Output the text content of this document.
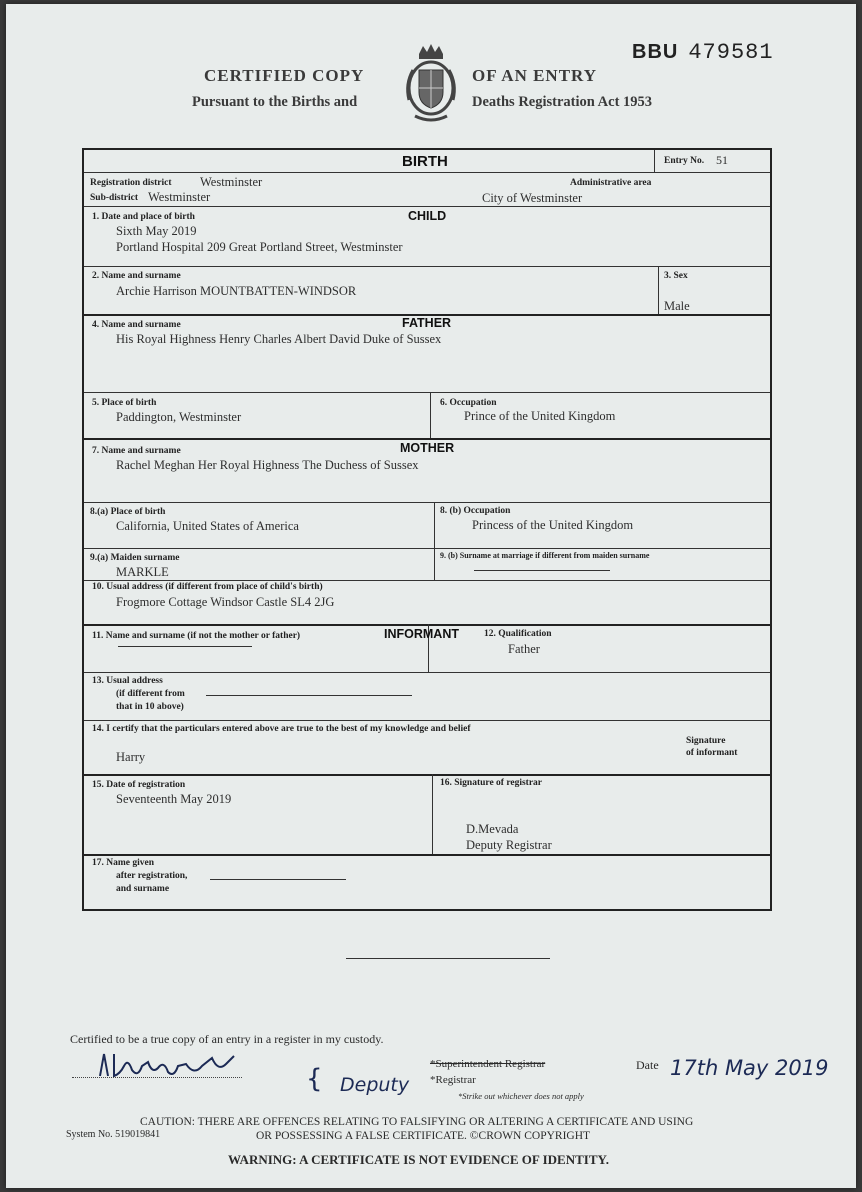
CERTIFIED COPY	OF AN ENTRY
Pursuant to the Births and	Deaths Registration Act 1953
BBU 479581
BIRTH	Entry No. 51
Registration district Westminster
Sub-district Westminster
Administrative area
City of Westminster
CHILD
1. Date and place of birth
Sixth May 2019
Portland Hospital 209 Great Portland Street, Westminster
2. Name and surname
Archie Harrison MOUNTBATTEN-WINDSOR
3. Sex
Male
FATHER
4. Name and surname
His Royal Highness Henry Charles Albert David Duke of Sussex
5. Place of birth
Paddington, Westminster
6. Occupation
Prince of the United Kingdom
MOTHER
7. Name and surname
Rachel Meghan Her Royal Highness The Duchess of Sussex
8.(a) Place of birth
California, United States of America
8. (b) Occupation
Princess of the United Kingdom
9.(a) Maiden surname
MARKLE
9. (b) Surname at marriage if different from maiden surname
10. Usual address (if different from place of child's birth)
Frogmore Cottage Windsor Castle SL4 2JG
INFORMANT
11. Name and surname (if not the mother or father)	12. Qualification
Father
13. Usual address
(if different from
that in 10 above)
14. I certify that the particulars entered above are true to the best of my knowledge and belief
Harry
Signature
of informant
15. Date of registration
Seventeenth May 2019
16. Signature of registrar
D.Mevada
Deputy Registrar
17. Name given
after registration,
and surname
Certified to be a true copy of an entry in a register in my custody.
{ Deputy
*Superintendent Registrar
*Registrar
*Strike out whichever does not apply
Date 17th May 2019
System No. 519019841
CAUTION: THERE ARE OFFENCES RELATING TO FALSIFYING OR ALTERING A CERTIFICATE AND USING
OR POSSESSING A FALSE CERTIFICATE. ©CROWN COPYRIGHT
WARNING: A CERTIFICATE IS NOT EVIDENCE OF IDENTITY.
